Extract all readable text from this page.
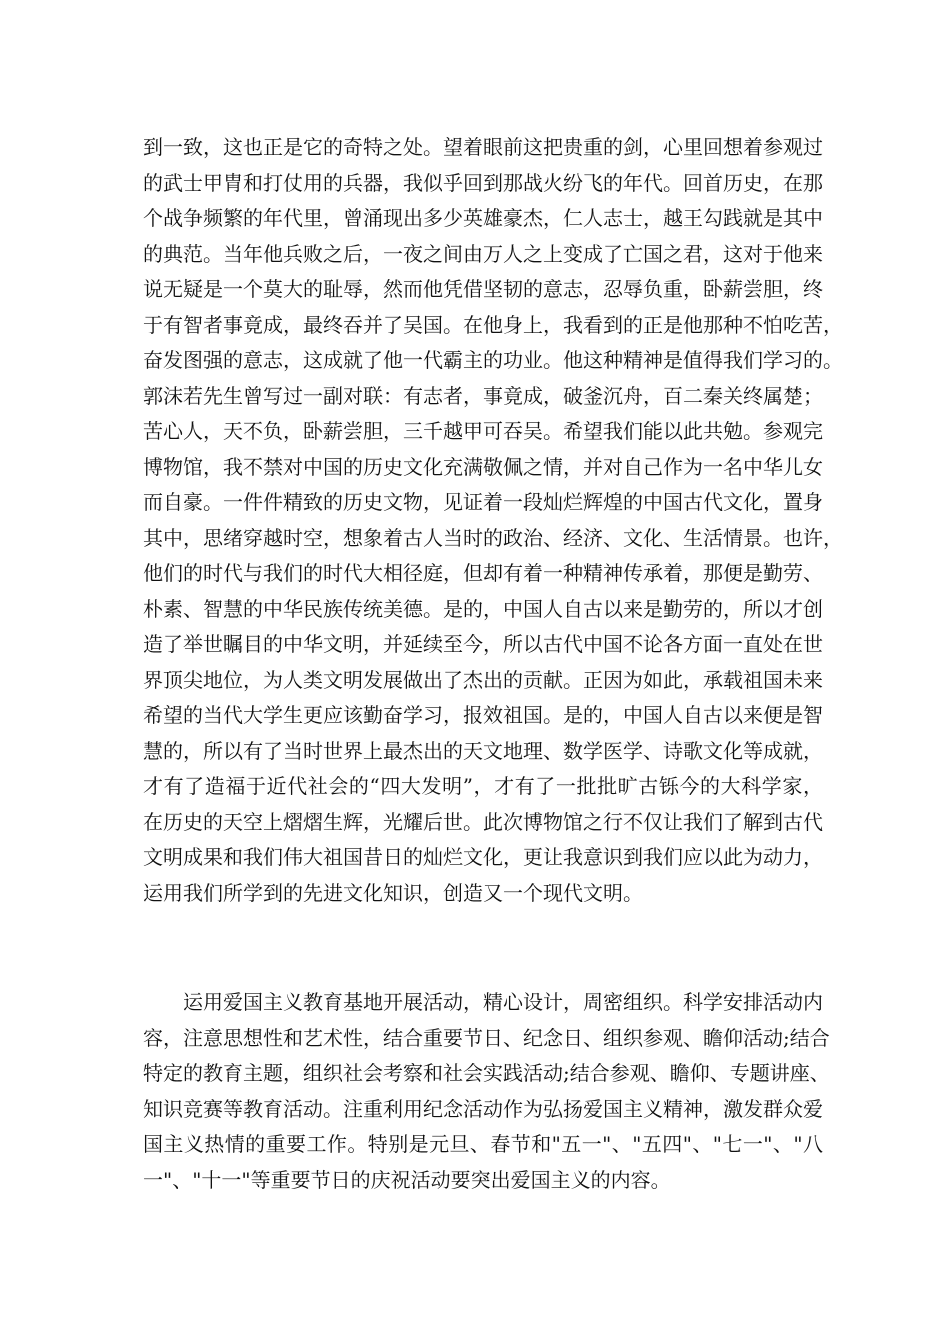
到一致，这也正是它的奇特之处。望着眼前这把贵重的剑，心里回想着参观过
的武士甲胄和打仗用的兵器，我似乎回到那战火纷飞的年代。回首历史，在那
个战争频繁的年代里，曾涌现出多少英雄豪杰，仁人志士，越王勾践就是其中
的典范。当年他兵败之后，一夜之间由万人之上变成了亡国之君，这对于他来
说无疑是一个莫大的耻辱，然而他凭借坚韧的意志，忍辱负重，卧薪尝胆，终
于有智者事竟成，最终吞并了吴国。在他身上，我看到的正是他那种不怕吃苦，
奋发图强的意志，这成就了他一代霸主的功业。他这种精神是值得我们学习的。
郭沫若先生曾写过一副对联：有志者，事竟成，破釜沉舟，百二秦关终属楚；
苦心人，天不负，卧薪尝胆，三千越甲可吞吴。希望我们能以此共勉。参观完
博物馆，我不禁对中国的历史文化充满敬佩之情，并对自己作为一名中华儿女
而自豪。一件件精致的历史文物，见证着一段灿烂辉煌的中国古代文化，置身
其中，思绪穿越时空，想象着古人当时的政治、经济、文化、生活情景。也许，
他们的时代与我们的时代大相径庭，但却有着一种精神传承着，那便是勤劳、
朴素、智慧的中华民族传统美德。是的，中国人自古以来是勤劳的，所以才创
造了举世瞩目的中华文明，并延续至今，所以古代中国不论各方面一直处在世
界顶尖地位，为人类文明发展做出了杰出的贡献。正因为如此，承载祖国未来
希望的当代大学生更应该勤奋学习，报效祖国。是的，中国人自古以来便是智
慧的，所以有了当时世界上最杰出的天文地理、数学医学、诗歌文化等成就，
才有了造福于近代社会的“四大发明”，才有了一批批旷古铄今的大科学家，
在历史的天空上熠熠生辉，光耀后世。此次博物馆之行不仅让我们了解到古代
文明成果和我们伟大祖国昔日的灿烂文化，更让我意识到我们应以此为动力，
运用我们所学到的先进文化知识，创造又一个现代文明。
运用爱国主义教育基地开展活动，精心设计，周密组织。科学安排活动内
容，注意思想性和艺术性，结合重要节日、纪念日、组织参观、瞻仰活动;结合
特定的教育主题，组织社会考察和社会实践活动;结合参观、瞻仰、专题讲座、
知识竞赛等教育活动。注重利用纪念活动作为弘扬爱国主义精神，激发群众爱
国主义热情的重要工作。特别是元旦、春节和"五一"、"五四"、"七一"、"八
一"、"十一"等重要节日的庆祝活动要突出爱国主义的内容。
